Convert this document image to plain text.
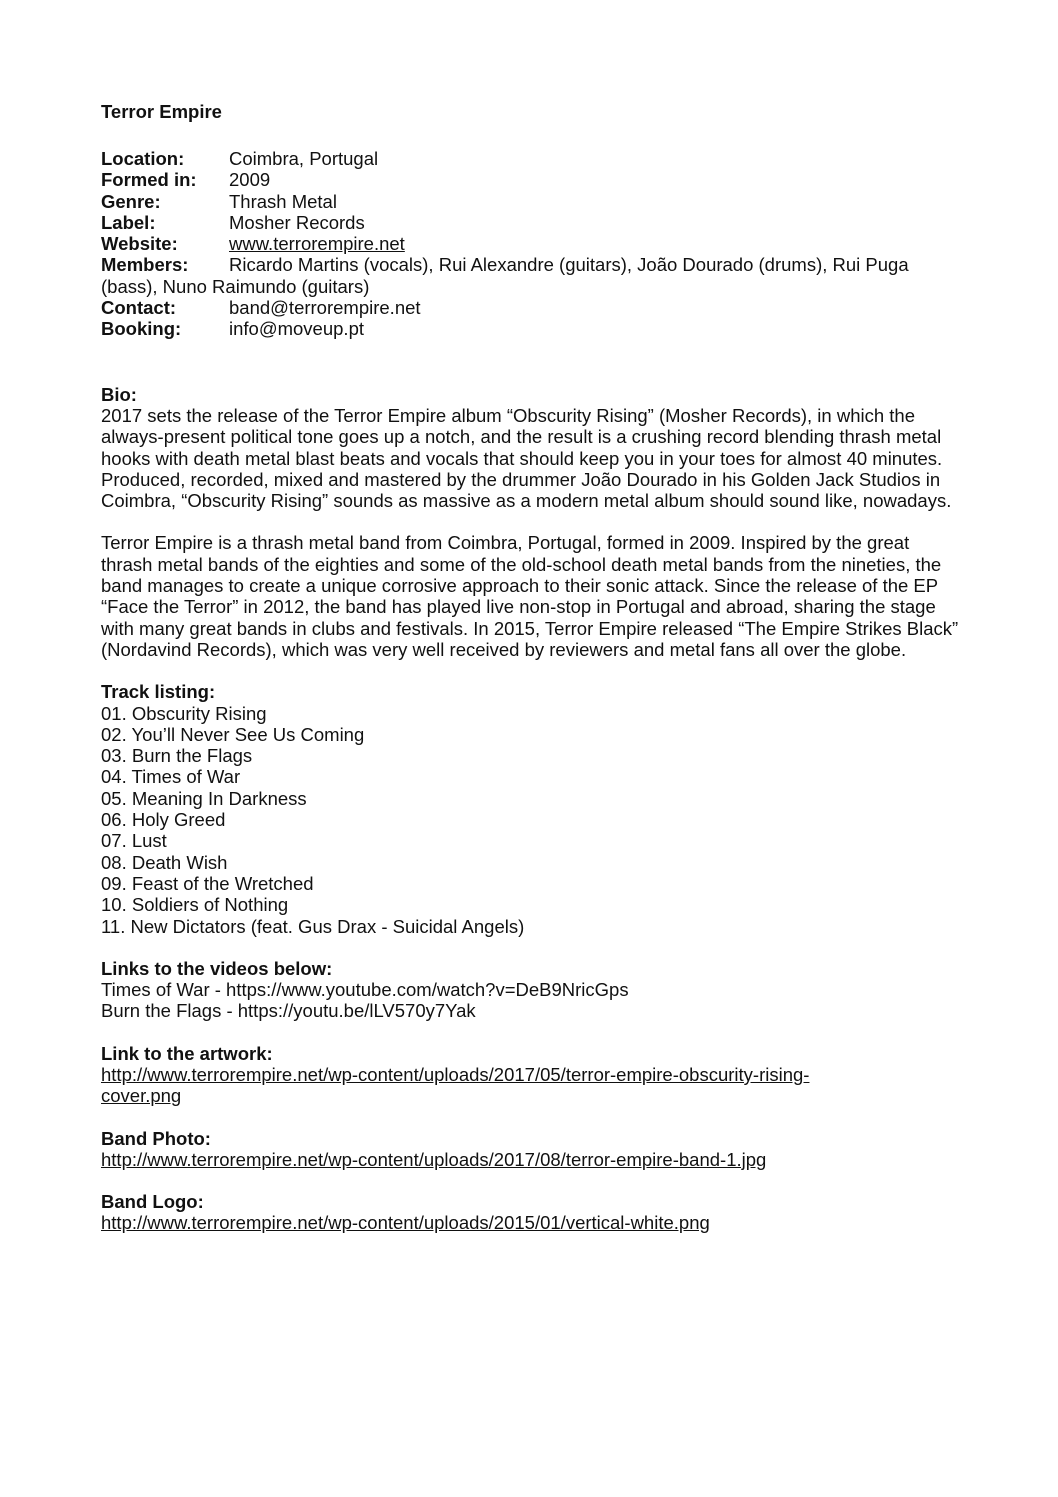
Terror Empire
Location: Coimbra, Portugal
Formed in: 2009
Genre:	Thrash Metal
Label:	Mosher Records
Website:	www.terrorempire.net
Members: Ricardo Martins (vocals), Rui Alexandre (guitars), João Dourado (drums), Rui Puga
(bass), Nuno Raimundo (guitars)
Contact:	band@terrorempire.net
Booking:	info@moveup.pt
Bio:

2017 sets the release of the Terror Empire album “Obscurity Rising” (Mosher Records), in which the always-present political tone goes up a notch, and the result is a crushing record blending thrash metal hooks with death metal blast beats and vocals that should keep you in your toes for almost 40 minutes. Produced, recorded, mixed and mastered by the drummer João Dourado in his Golden Jack Studios in Coimbra, “Obscurity Rising” sounds as massive as a modern metal album should sound like, nowadays.

Terror Empire is a thrash metal band from Coimbra, Portugal, formed in 2009. Inspired by the great thrash metal bands of the eighties and some of the old-school death metal bands from the nineties, the band manages to create a unique corrosive approach to their sonic attack. Since the release of the EP “Face the Terror” in 2012, the band has played live non-stop in Portugal and abroad, sharing the stage with many great bands in clubs and festivals. In 2015, Terror Empire released “The Empire Strikes Black” (Nordavind Records), which was very well received by reviewers and metal fans all over the globe.

Track listing:
01. Obscurity Rising
02. You’ll Never See Us Coming
03. Burn the Flags
04. Times of War
05. Meaning In Darkness
06. Holy Greed
07. Lust
08. Death Wish
09. Feast of the Wretched
10. Soldiers of Nothing
11. New Dictators (feat. Gus Drax - Suicidal Angels)
Links to the videos below:
Times of War - https://www.youtube.com/watch?v=DeB9NricGps
Burn the Flags - https://youtu.be/lLV570y7Yak
Link to the artwork:
http://www.terrorempire.net/wp-content/uploads/2017/05/terror-empire-obscurity-rising-
cover.png
Band Photo:
http://www.terrorempire.net/wp-content/uploads/2017/08/terror-empire-band-1.jpg
Band Logo:
http://www.terrorempire.net/wp-content/uploads/2015/01/vertical-white.png
